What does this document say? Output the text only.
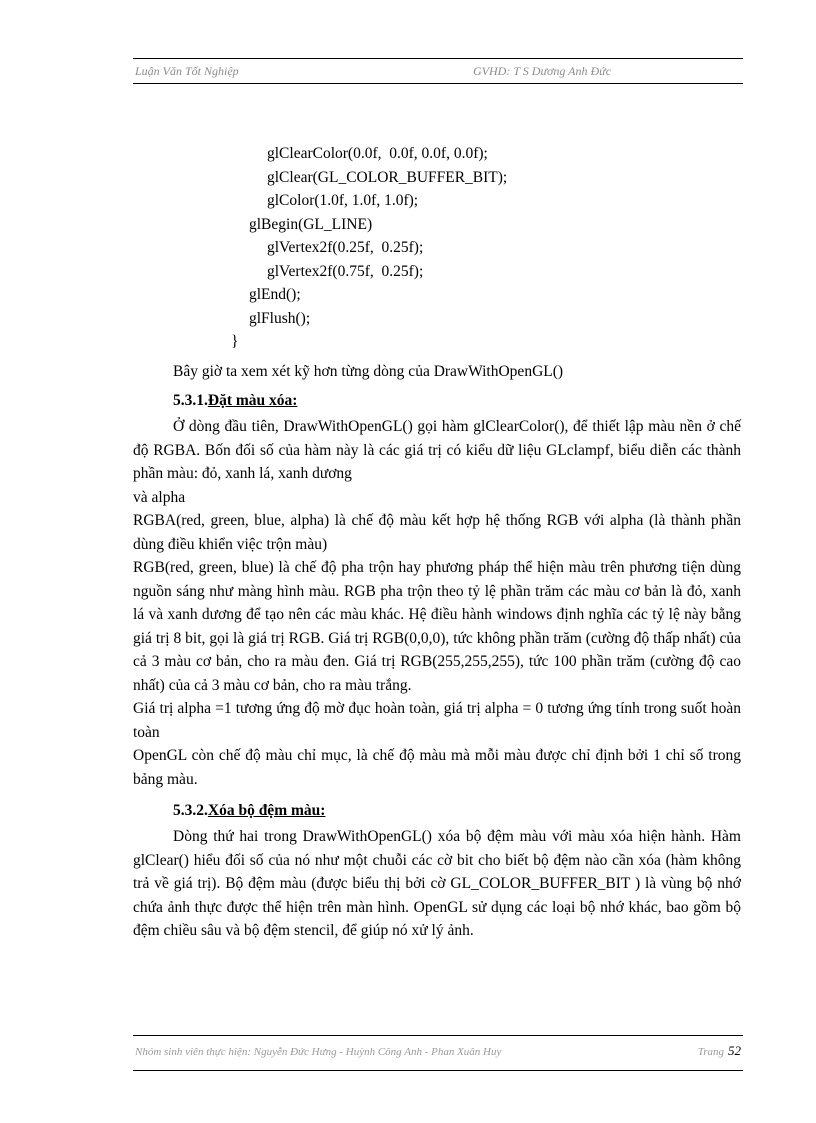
Luận Văn Tốt Nghiệp	GVHD: T S Dương Anh Đức
glClearColor(0.0f,  0.0f, 0.0f, 0.0f);
glClear(GL_COLOR_BUFFER_BIT);
glColor(1.0f, 1.0f, 1.0f);
glBegin(GL_LINE)
glVertex2f(0.25f,  0.25f);
glVertex2f(0.75f,  0.25f);
glEnd();
glFlush();
}

Bây giờ ta xem xét kỹ hơn từng dòng của DrawWithOpenGL()

5.3.1.Đặt màu xóa:

Ở dòng đầu tiên, DrawWithOpenGL() gọi hàm glClearColor(), để thiết lập màu nền ở chế độ RGBA. Bốn đối số của hàm này là các giá trị có kiểu dữ liệu GLclampf, biểu diễn các thành phần màu: đỏ, xanh lá, xanh dương

và alpha

RGBA(red, green, blue, alpha) là chế độ màu kết hợp hệ thống RGB với alpha (là thành phần dùng điều khiển việc trộn màu)

RGB(red, green, blue) là chế độ pha trộn hay phương pháp thể hiện màu trên phương tiện dùng nguồn sáng như màng hình màu. RGB pha trộn theo tỷ lệ phần trăm các màu cơ bản là đỏ, xanh lá và xanh dương để tạo nên các màu khác. Hệ điều hành windows định nghĩa các tỷ lệ này bằng giá trị 8 bit, gọi là giá trị RGB. Giá trị RGB(0,0,0), tức không phần trăm (cường độ thấp nhất) của cả 3 màu cơ bản, cho ra màu đen. Giá trị RGB(255,255,255), tức 100 phần trăm (cường độ cao nhất) của cả 3 màu cơ bản, cho ra màu trắng.

Giá trị alpha =1 tương ứng độ mờ đục hoàn toàn, giá trị alpha = 0 tương ứng tính trong suốt hoàn toàn

OpenGL còn chế độ màu chỉ mục, là chế độ màu mà mỗi màu được chỉ định bởi 1 chỉ số trong bảng màu.

5.3.2.Xóa bộ đệm màu:

Dòng thứ hai trong DrawWithOpenGL() xóa bộ đệm màu với màu xóa hiện hành. Hàm glClear() hiểu đối số của nó như một chuỗi các cờ bit cho biết bộ đệm nào cần xóa (hàm không trả về giá trị). Bộ đệm màu (được biểu thị bởi cờ GL_COLOR_BUFFER_BIT ) là vùng bộ nhớ chứa ảnh thực được thể hiện trên màn hình. OpenGL sử dụng các loại bộ nhớ khác, bao gồm bộ đệm chiều sâu và bộ đệm stencil, để giúp nó xử lý ảnh.

Nhóm sinh viên thực hiện: Nguyễn Đức Hưng - Huỳnh Công Anh - Phan Xuân Huy	Trang 52
